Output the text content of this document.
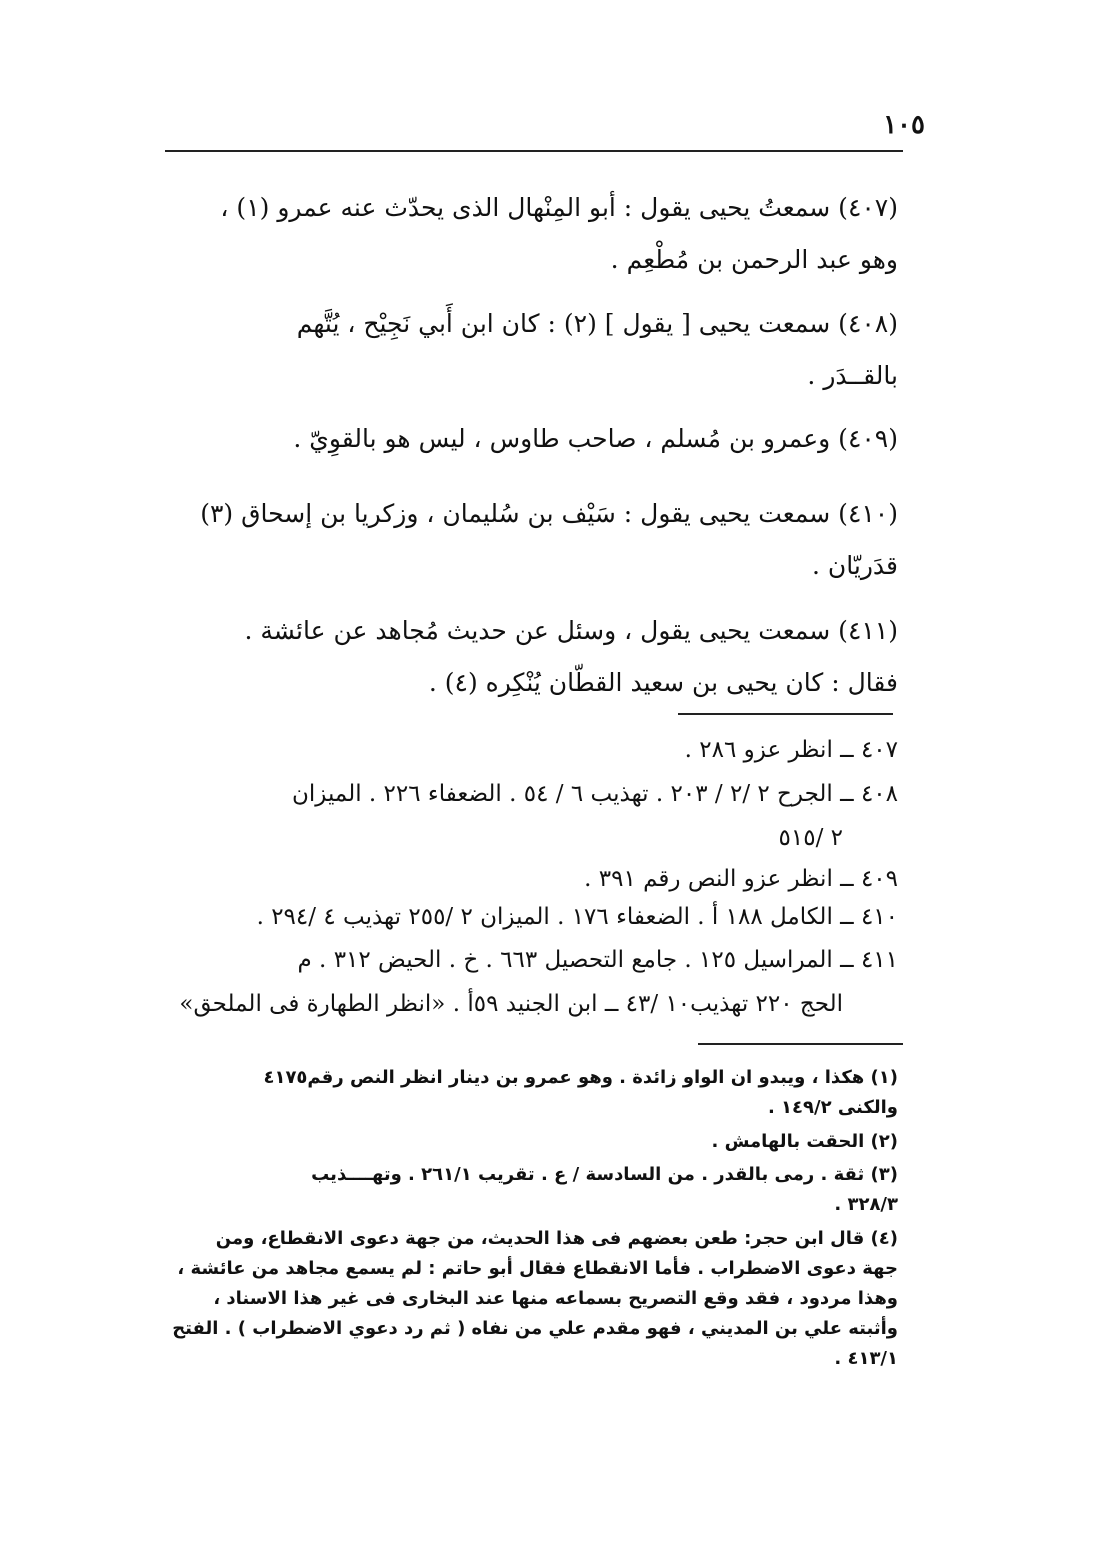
١٠٥
(٤٠٧) سمعتُ يحيى يقول : أبو المِنْهال الذى يحدّث عنه عمرو (١) ،
وهو عبد الرحمن بن مُطْعِم .
(٤٠٨) سمعت يحيى [ يقول ] (٢) : كان ابن أَبي نَجِيْح ، يُتَّهم
بالقــدَر .
(٤٠٩) وعمرو بن مُسلم ، صاحب طاوس ، ليس هو بالقوِيّ .
(٤١٠) سمعت يحيى يقول : سَيْف بن سُليمان ، وزكريا بن إسحاق (٣)
قدَريّان .
(٤١١) سمعت يحيى يقول ، وسئل عن حديث مُجاهد عن عائشة .
فقال : كان يحيى بن سعيد القطّان يُنْكِره (٤) .
٤٠٧ ــ انظر عزو ٢٨٦ .
٤٠٨ ــ الجرح ٢ /٢ / ٢٠٣ . تهذيب ٦ / ٥٤ . الضعفاء ٢٢٦ . الميزان
٢ /٥١٥
٤٠٩ ــ انظر عزو النص رقم ٣٩١ .
٤١٠ ــ الكامل ١٨٨ أ . الضعفاء ١٧٦ . الميزان ٢ /٢٥٥ تهذيب ٤ /٢٩٤ .
٤١١ ــ المراسيل ١٢٥ . جامع التحصيل ٦٦٣ . خ . الحيض ٣١٢ . م
الحج ٢٢٠ تهذيب١٠ /٤٣ ــ ابن الجنيد ٥٩أ . «انظر الطهارة فى الملحق»
(١) هكذا ، ويبدو ان الواو زائدة . وهو عمرو بن دينار انظر النص رقم٤١٧٥
والكنى ١٤٩/٢ .
(٢) الحقت بالهامش .
(٣) ثقة . رمى بالقدر . من السادسة / ع . تقريب ٢٦١/١ . وتهــــذيب
٣٢٨/٣ .
(٤) قال ابن حجر: طعن بعضهم فى هذا الحديث، من جهة دعوى الانقطاع، ومن
جهة دعوى الاضطراب . فأما الانقطاع فقال أبو حاتم : لم يسمع مجاهد من عائشة ،
وهذا مردود ، فقد وقع التصريح بسماعه منها عند البخارى فى غير هذا الاسناد ،
وأثبته علي بن المديني ، فهو مقدم علي من نفاه ( ثم رد دعوي الاضطراب ) . الفتح
٤١٣/١ .
